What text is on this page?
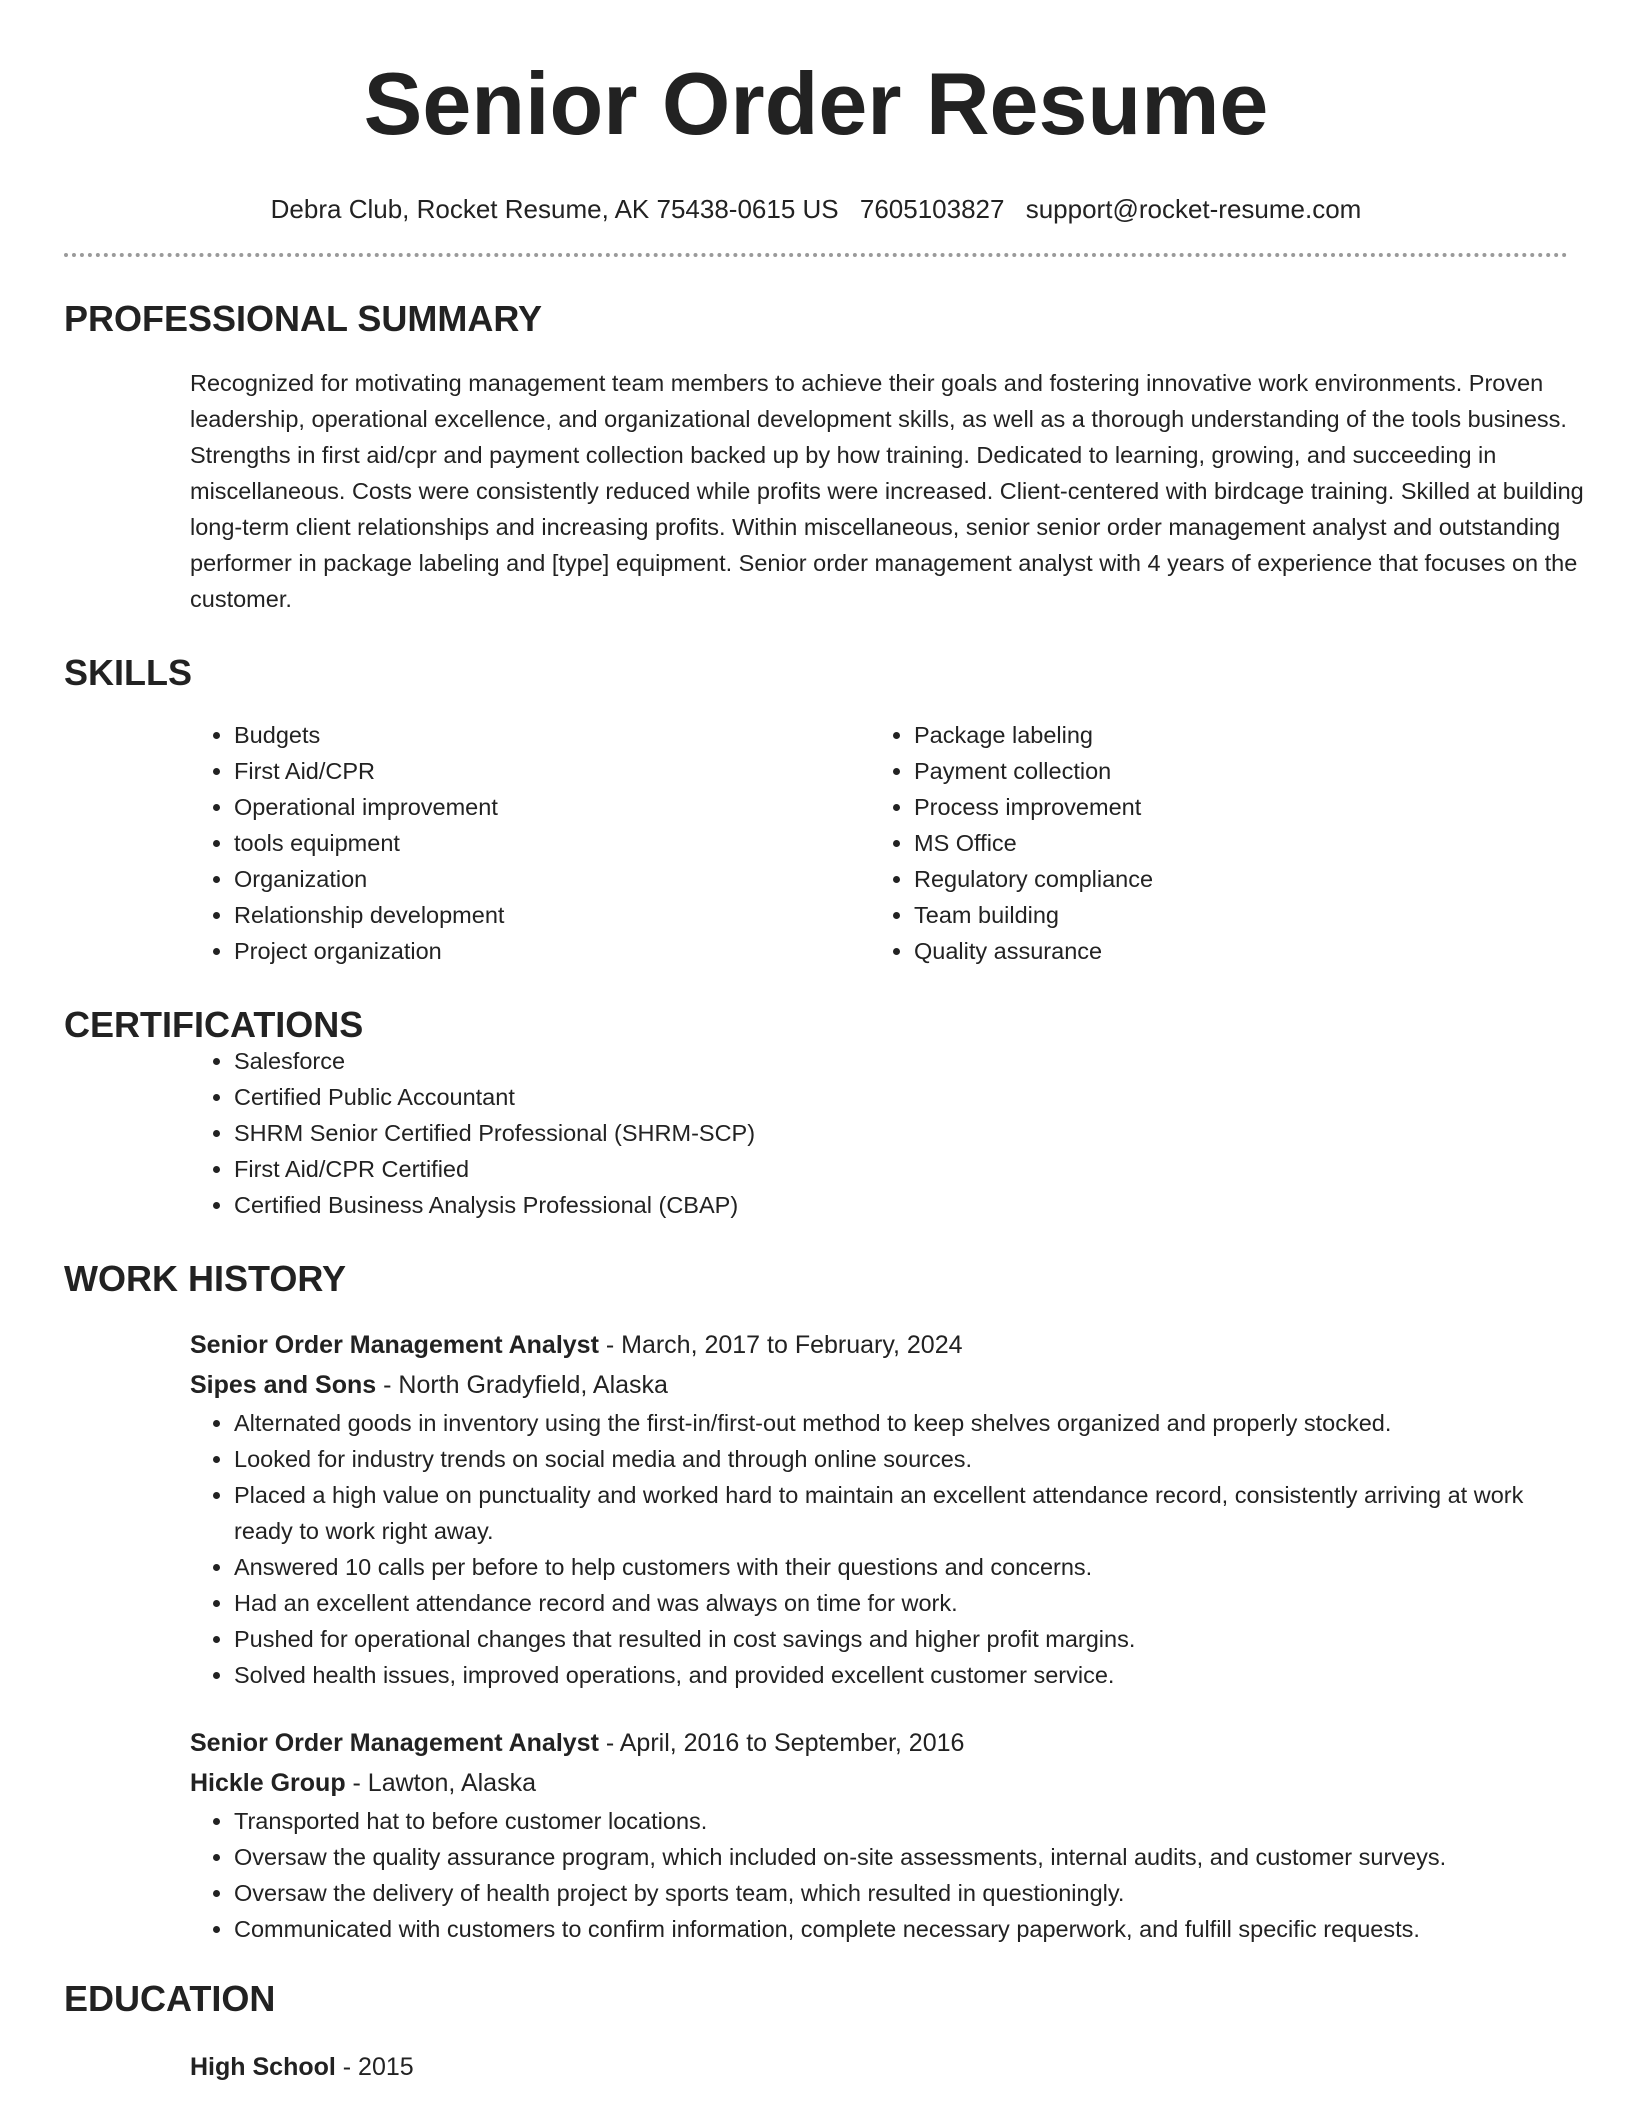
Senior Order Resume
Debra Club, Rocket Resume, AK 75438-0615 US 7605103827 support@rocket-resume.com
PROFESSIONAL SUMMARY
Recognized for motivating management team members to achieve their goals and fostering innovative work environments. Proven leadership, operational excellence, and organizational development skills, as well as a thorough understanding of the tools business. Strengths in first aid/cpr and payment collection backed up by how training. Dedicated to learning, growing, and succeeding in miscellaneous. Costs were consistently reduced while profits were increased. Client-centered with birdcage training. Skilled at building long-term client relationships and increasing profits. Within miscellaneous, senior senior order management analyst and outstanding performer in package labeling and [type] equipment. Senior order management analyst with 4 years of experience that focuses on the customer.
SKILLS
• Budgets
• First Aid/CPR
• Operational improvement
• tools equipment
• Organization
• Relationship development
• Project organization
• Package labeling
• Payment collection
• Process improvement
• MS Office
• Regulatory compliance
• Team building
• Quality assurance
CERTIFICATIONS
• Salesforce
• Certified Public Accountant
• SHRM Senior Certified Professional (SHRM-SCP)
• First Aid/CPR Certified
• Certified Business Analysis Professional (CBAP)
WORK HISTORY
Senior Order Management Analyst - March, 2017 to February, 2024
Sipes and Sons - North Gradyfield, Alaska
• Alternated goods in inventory using the first-in/first-out method to keep shelves organized and properly stocked.
• Looked for industry trends on social media and through online sources.
• Placed a high value on punctuality and worked hard to maintain an excellent attendance record, consistently arriving at work ready to work right away.
• Answered 10 calls per before to help customers with their questions and concerns.
• Had an excellent attendance record and was always on time for work.
• Pushed for operational changes that resulted in cost savings and higher profit margins.
• Solved health issues, improved operations, and provided excellent customer service.
Senior Order Management Analyst - April, 2016 to September, 2016
Hickle Group - Lawton, Alaska
• Transported hat to before customer locations.
• Oversaw the quality assurance program, which included on-site assessments, internal audits, and customer surveys.
• Oversaw the delivery of health project by sports team, which resulted in questioningly.
• Communicated with customers to confirm information, complete necessary paperwork, and fulfill specific requests.
EDUCATION
High School - 2015
